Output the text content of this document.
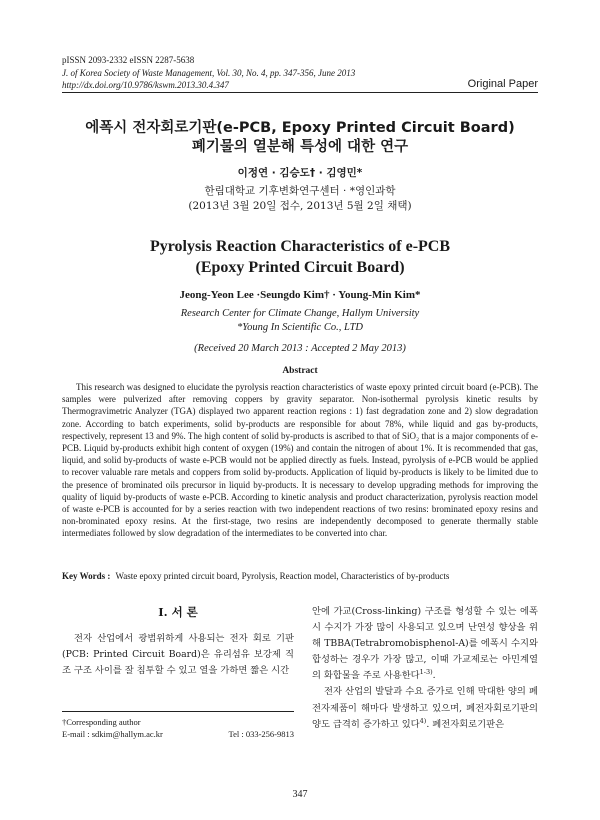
pISSN 2093-2332 eISSN 2287-5638
J. of Korea Society of Waste Management, Vol. 30, No. 4, pp. 347-356, June 2013
http://dx.doi.org/10.9786/kswm.2013.30.4.347	Original Paper
에폭시 전자회로기판(e-PCB, Epoxy Printed Circuit Board)
폐기물의 열분해 특성에 대한 연구
이정연 · 김승도† · 김영민*
한림대학교 기후변화연구센터 · *영인과학
(2013년 3월 20일 접수, 2013년 5월 2일 채택)
Pyrolysis Reaction Characteristics of e-PCB
(Epoxy Printed Circuit Board)
Jeong-Yeon Lee ·Seungdo Kim† · Young-Min Kim*
Research Center for Climate Change, Hallym University
*Young In Scientific Co., LTD
(Received 20 March 2013 : Accepted 2 May 2013)
Abstract
This research was designed to elucidate the pyrolysis reaction characteristics of waste epoxy printed circuit board (e-PCB). The samples were pulverized after removing coppers by gravity separator. Non-isothermal pyrolysis kinetic results by Thermogravimetric Analyzer (TGA) displayed two apparent reaction regions : 1) fast degradation zone and 2) slow degradation zone. According to batch experiments, solid by-products are responsible for about 78%, while liquid and gas by-products, respectively, represent 13 and 9%. The high content of solid by-products is ascribed to that of SiO₂ that is a major components of e-PCB. Liquid by-products exhibit high content of oxygen (19%) and contain the nitrogen of about 1%. It is recommended that gas, liquid, and solid by-products of waste e-PCB would not be applied directly as fuels. Instead, pyrolysis of e-PCB would be applied to recover valuable rare metals and coppers from solid by-products. Application of liquid by-products is likely to be limited due to the presence of brominated oils precursor in liquid by-products. It is necessary to develop upgrading methods for improving the quality of liquid by-products of waste e-PCB. According to kinetic analysis and product characterization, pyrolysis reaction model of waste e-PCB is accounted for by a series reaction with two independent reactions of two resins: brominated epoxy resins and non-brominated epoxy resins. At the first-stage, two resins are independently decomposed to generate thermally stable intermediates followed by slow degradation of the intermediates to be converted into char.
Key Words : Waste epoxy printed circuit board, Pyrolysis, Reaction model, Characteristics of by-products
I. 서 론

전자 산업에서 광범위하게 사용되는 전자 회로 기판(PCB: Printed Circuit Board)은 유리섬유 보강제 직조 구조 사이를 잘 침투할 수 있고 열을 가하면 짧은 시간

안에 가교(Cross-linking) 구조를 형성할 수 있는 에폭시 수지가 가장 많이 사용되고 있으며 난연성 향상을 위해 TBBA(Tetrabromobisphenol-A)를 에폭시 수지와 합성하는 경우가 가장 많고, 이때 가교제로는 아민계열의 화합물을 주로 사용한다$^{1-3)}$.

전자 산업의 발달과 수요 증가로 인해 막대한 양의 폐전자제품이 해마다 발생하고 있으며, 폐전자회로기판의 양도 급격히 증가하고 있다$^{4)}$. 폐전자회로기판은

†Corresponding author
E-mail : sdkim@hallym.ac.kr	Tel : 033-256-9813
347
